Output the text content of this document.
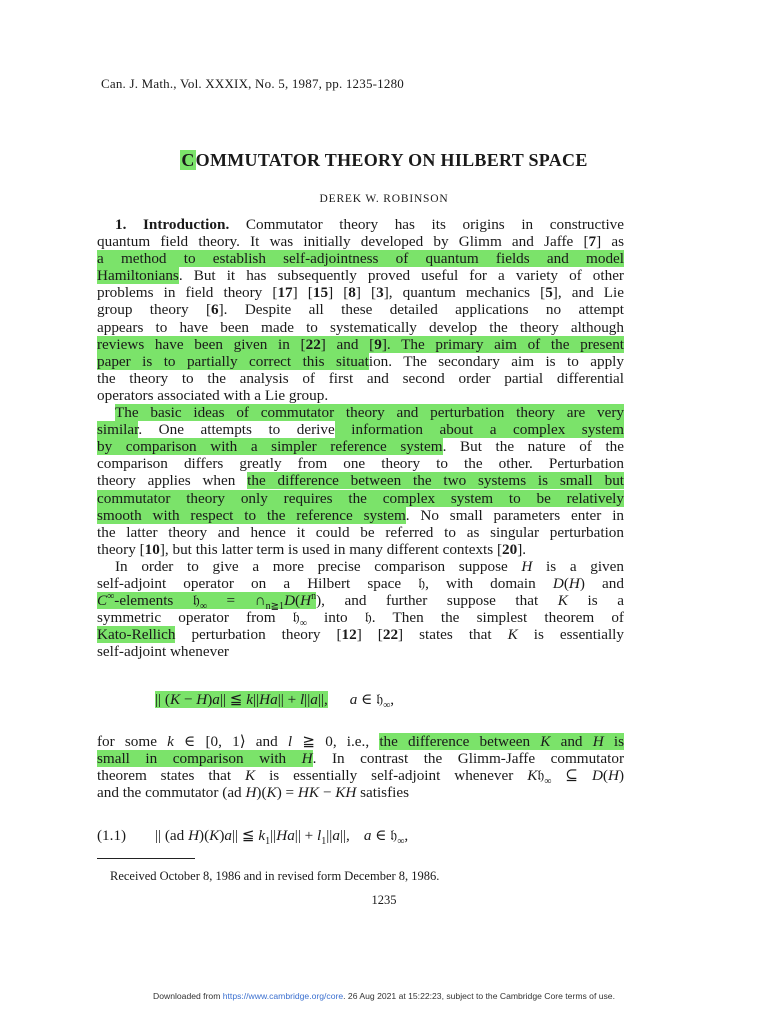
Can. J. Math., Vol. XXXIX, No. 5, 1987, pp. 1235-1280
COMMUTATOR THEORY ON HILBERT SPACE
DEREK W. ROBINSON
1. Introduction. Commutator theory has its origins in constructive
quantum field theory. It was initially developed by Glimm and Jaffe [7] as
a method to establish self-adjointness of quantum fields and model
Hamiltonians. But it has subsequently proved useful for a variety of other
problems in field theory [17] [15] [8] [3], quantum mechanics [5], and Lie
group theory [6]. Despite all these detailed applications no attempt
appears to have been made to systematically develop the theory although
reviews have been given in [22] and [9]. The primary aim of the present
paper is to partially correct this situation. The secondary aim is to apply
the theory to the analysis of first and second order partial differential
operators associated with a Lie group.
The basic ideas of commutator theory and perturbation theory are very
similar. One attempts to derive information about a complex system
by comparison with a simpler reference system. But the nature of the
comparison differs greatly from one theory to the other. Perturbation
theory applies when the difference between the two systems is small but
commutator theory only requires the complex system to be relatively
smooth with respect to the reference system. No small parameters enter in
the latter theory and hence it could be referred to as singular perturbation
theory [10], but this latter term is used in many different contexts [20].
In order to give a more precise comparison suppose H is a given
self-adjoint operator on a Hilbert space 𝔥, with domain D(H) and
C∞-elements 𝔥$_\infty$ = $\cap_{n≧1}D(H^n)$, and further suppose that K is a
symmetric operator from 𝔥$_\infty$ into 𝔥. Then the simplest theorem of
Kato-Rellich perturbation theory [12] [22] states that K is essentially
self-adjoint whenever
|| (K − H)a|| ≦ k||Ha|| + l||a||, a ∈ 𝔥$_\infty$,
for some k ∈ [0, 1⟩ and l ≧ 0, i.e., the difference between K and H is
small in comparison with H. In contrast the Glimm-Jaffe commutator
theorem states that K is essentially self-adjoint whenever K𝔥$_\infty$ ⊆ D(H)
and the commutator (ad H)(K) = HK − KH satisfies
(1.1) || (ad H)(K)a|| ≦ $k_1||Ha|| + l_1||a||$, a ∈ 𝔥$_\infty$,
Received October 8, 1986 and in revised form December 8, 1986.
1235
Downloaded from https://www.cambridge.org/core. 26 Aug 2021 at 15:22:23, subject to the Cambridge Core terms of use.
